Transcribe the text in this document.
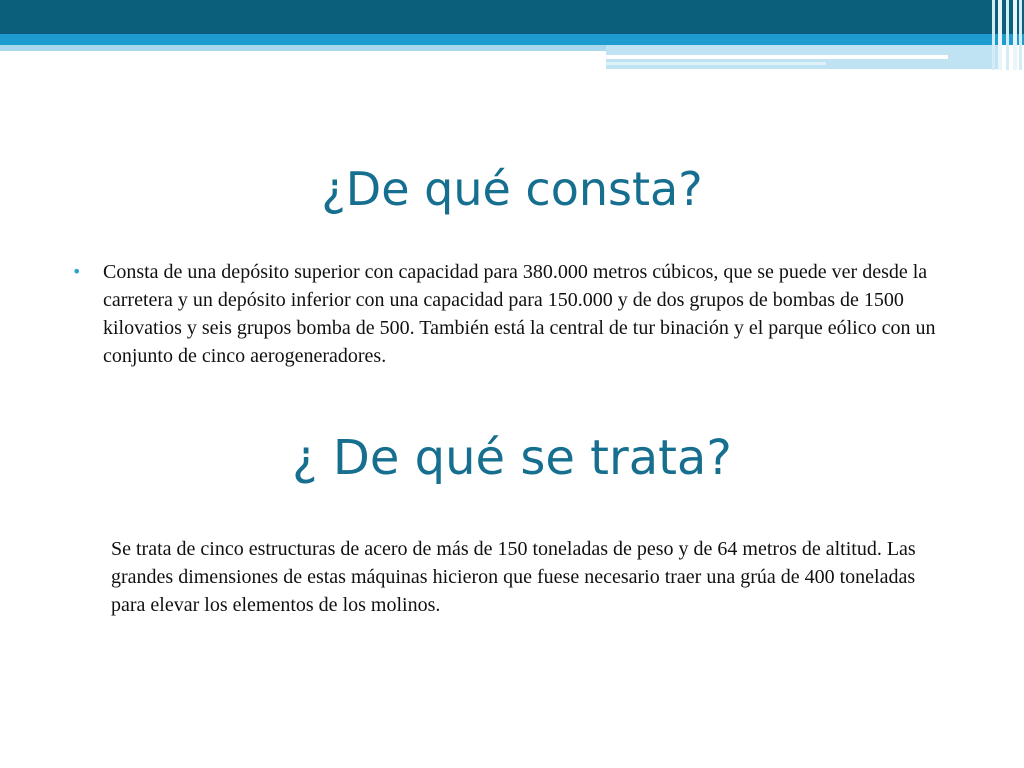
¿De qué consta?
• Consta de una depósito superior con capacidad para 380.000 metros cúbicos, que se puede ver desde la carretera y un depósito inferior con una capacidad para 150.000 y de dos grupos de bombas de 1500 kilovatios y seis grupos bomba de 500. También está la central de tur binación y el parque eólico con un conjunto de cinco aerogeneradores.

¿ De qué se trata?

Se trata de cinco estructuras de acero de más de 150 toneladas de peso y de 64 metros de altitud. Las grandes dimensiones de estas máquinas hicieron que fuese necesario traer una grúa de 400 toneladas para elevar los elementos de los molinos.
